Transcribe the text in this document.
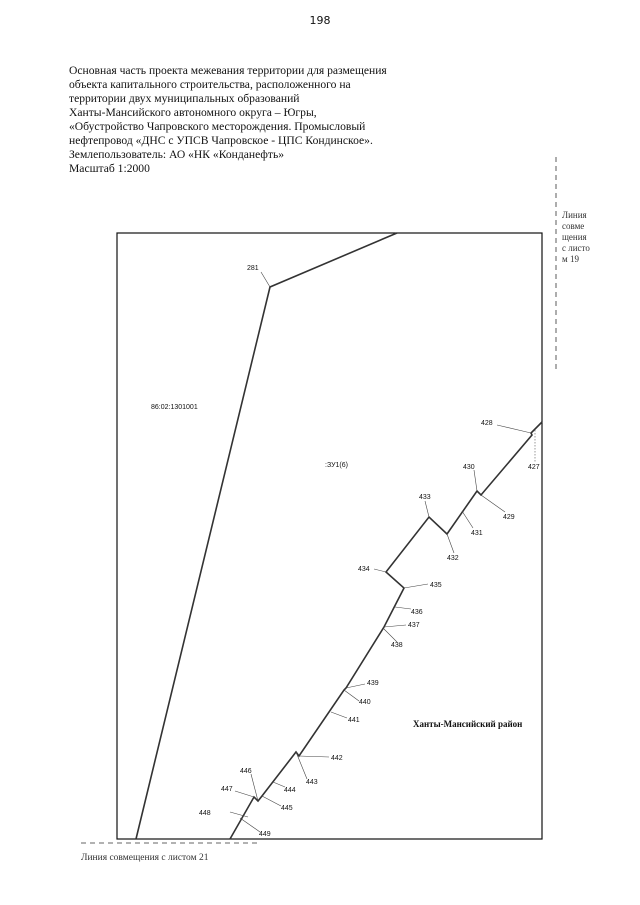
198
Основная часть проекта межевания территории для размещения
объекта капитального строительства, расположенного на
территории двух муниципальных образований
Ханты-Мансийского автономного округа – Югры,
«Обустройство Чапровского месторождения. Промысловый
нефтепровод «ДНС с УПСВ Чапровское - ЦПС Кондинское».
Землепользователь: АО «НК «Конданефть»
Масштаб 1:2000
Линия совмещения с листом 19
Линия совмещения с листом 21
86:02:1301001
:ЗУ1(6)
Ханты-Мансийский район
281
428
427
429
430
431
432
433
434
435
436
437
438
439
440
441
442
443
444
445
446
447
448
449
